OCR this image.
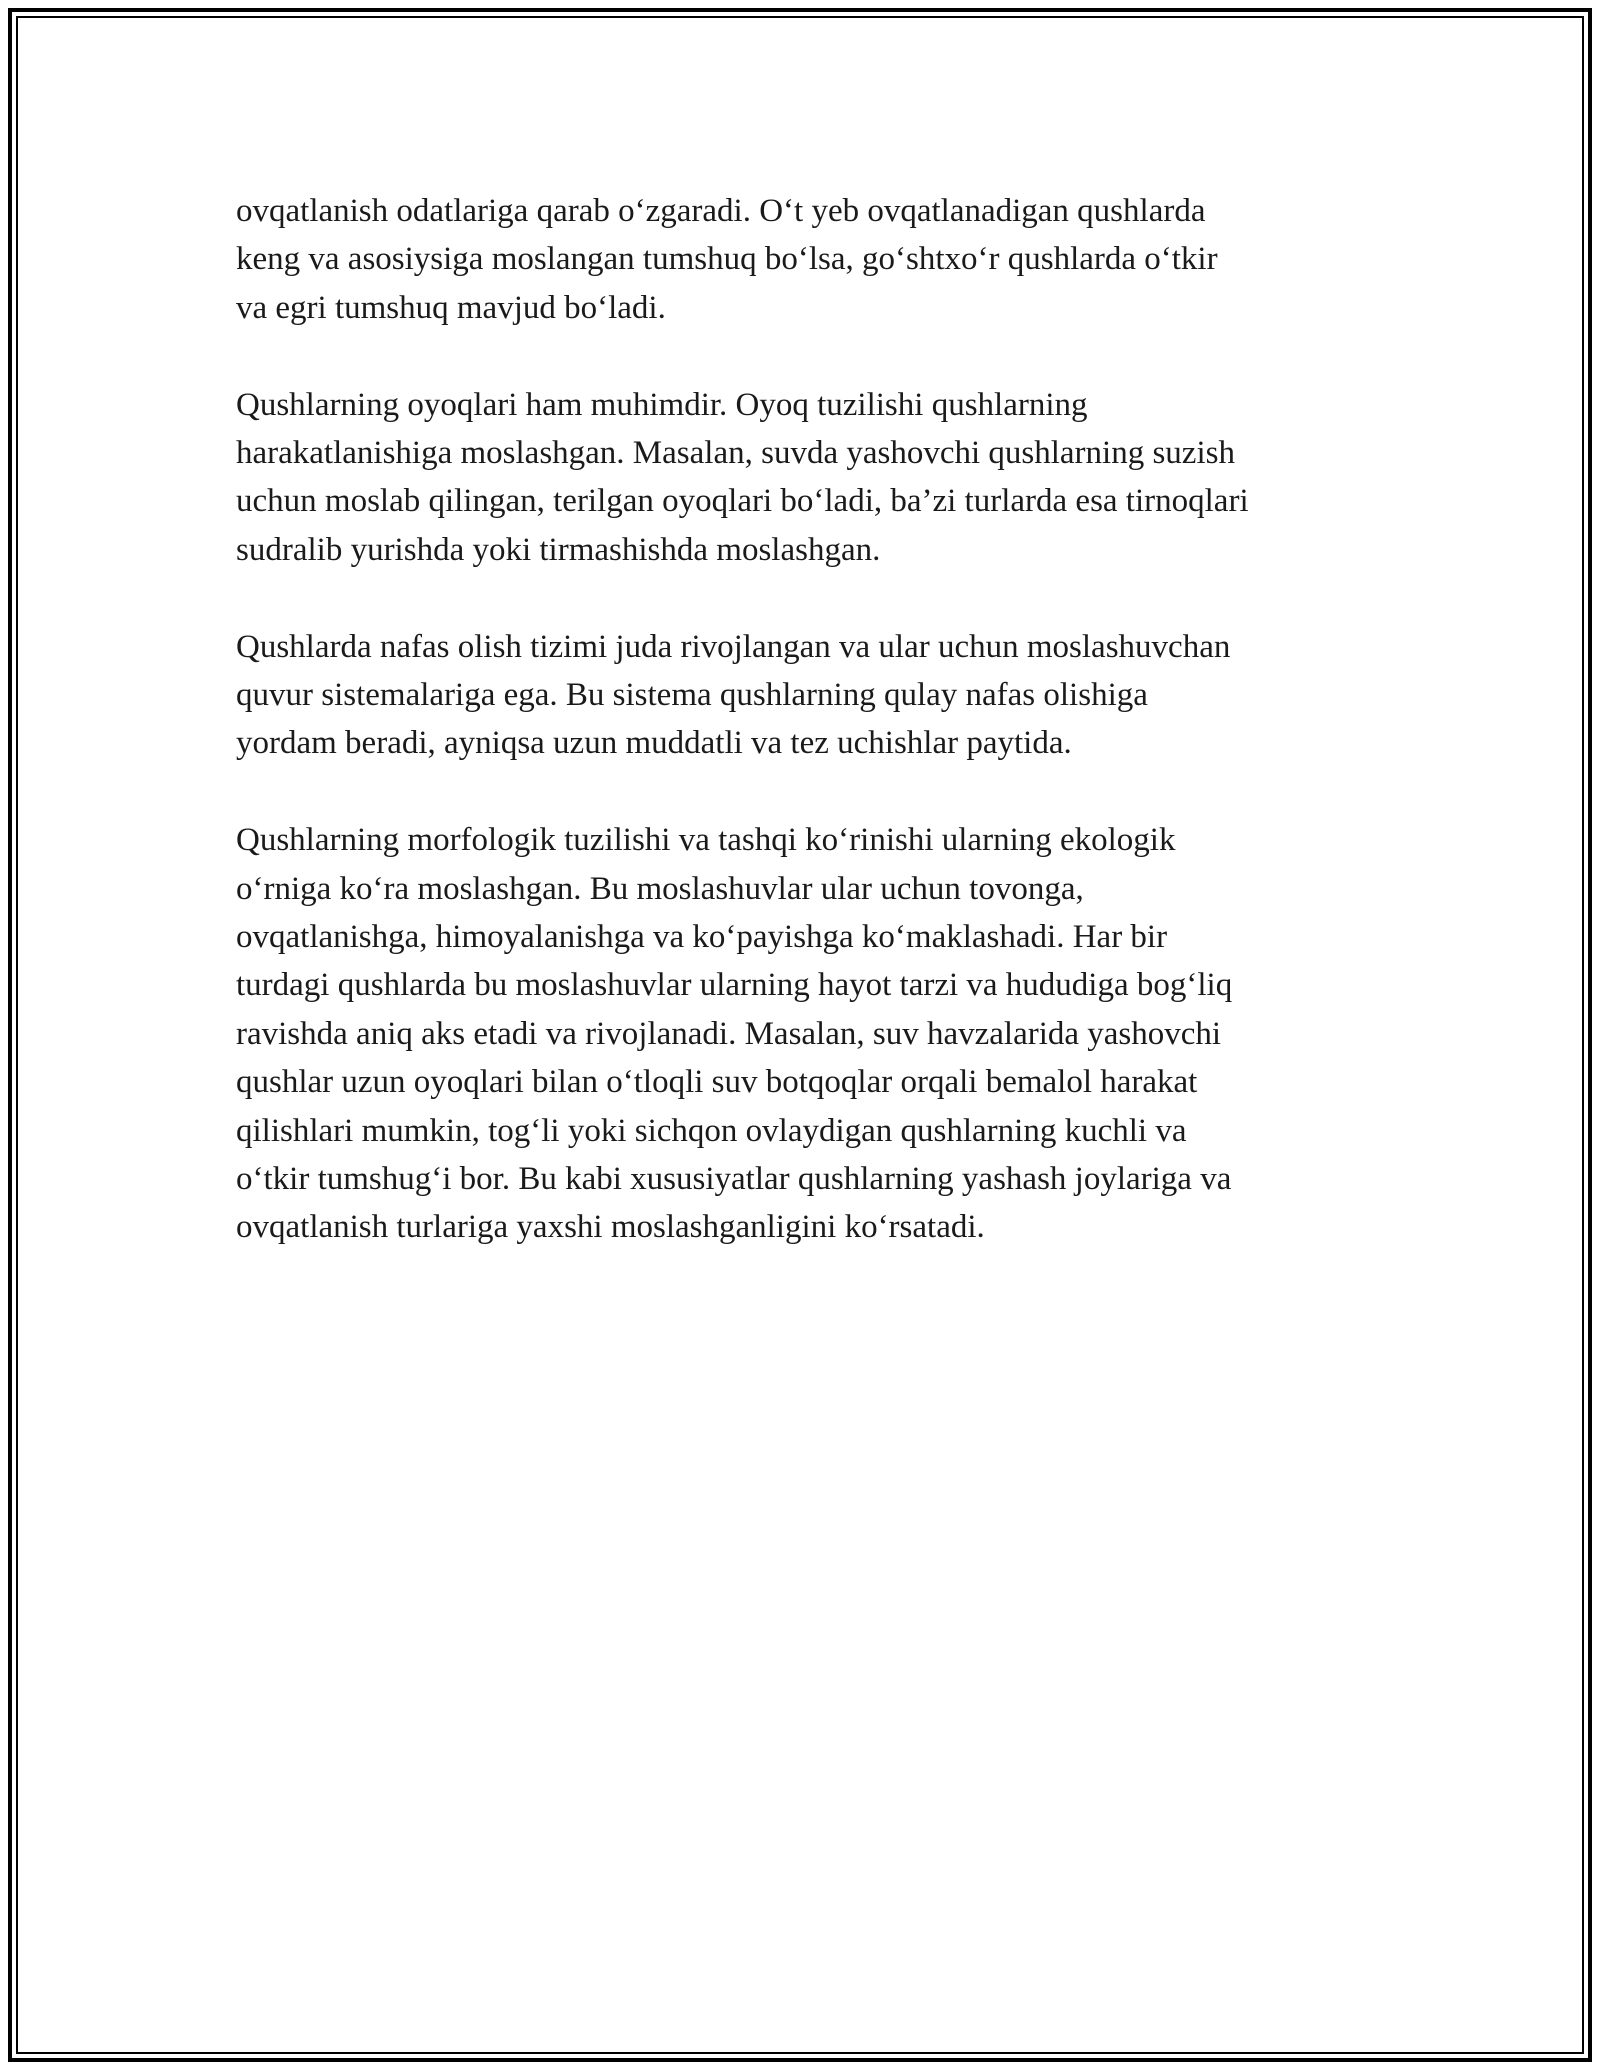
ovqatlanish odatlariga qarab o‘zgaradi. O‘t yeb ovqatlanadigan qushlarda
keng va asosiysiga moslangan tumshuq bo‘lsa, go‘shtxo‘r qushlarda o‘tkir
va egri tumshuq mavjud bo‘ladi.

Qushlarning oyoqlari ham muhimdir. Oyoq tuzilishi qushlarning
harakatlanishiga moslashgan. Masalan, suvda yashovchi qushlarning suzish
uchun moslab qilingan, terilgan oyoqlari bo‘ladi, ba’zi turlarda esa tirnoqlari
sudralib yurishda yoki tirmashishda moslashgan.

Qushlarda nafas olish tizimi juda rivojlangan va ular uchun moslashuvchan
quvur sistemalariga ega. Bu sistema qushlarning qulay nafas olishiga
yordam beradi, ayniqsa uzun muddatli va tez uchishlar paytida.

Qushlarning morfologik tuzilishi va tashqi ko‘rinishi ularning ekologik
o‘rniga ko‘ra moslashgan. Bu moslashuvlar ular uchun tovonga,
ovqatlanishga, himoyalanishga va ko‘payishga ko‘maklashadi. Har bir
turdagi qushlarda bu moslashuvlar ularning hayot tarzi va hududiga bog‘liq
ravishda aniq aks etadi va rivojlanadi. Masalan, suv havzalarida yashovchi
qushlar uzun oyoqlari bilan o‘tloqli suv botqoqlar orqali bemalol harakat
qilishlari mumkin, tog‘li yoki sichqon ovlaydigan qushlarning kuchli va
o‘tkir tumshug‘i bor. Bu kabi xususiyatlar qushlarning yashash joylariga va
ovqatlanish turlariga yaxshi moslashganligini ko‘rsatadi.
